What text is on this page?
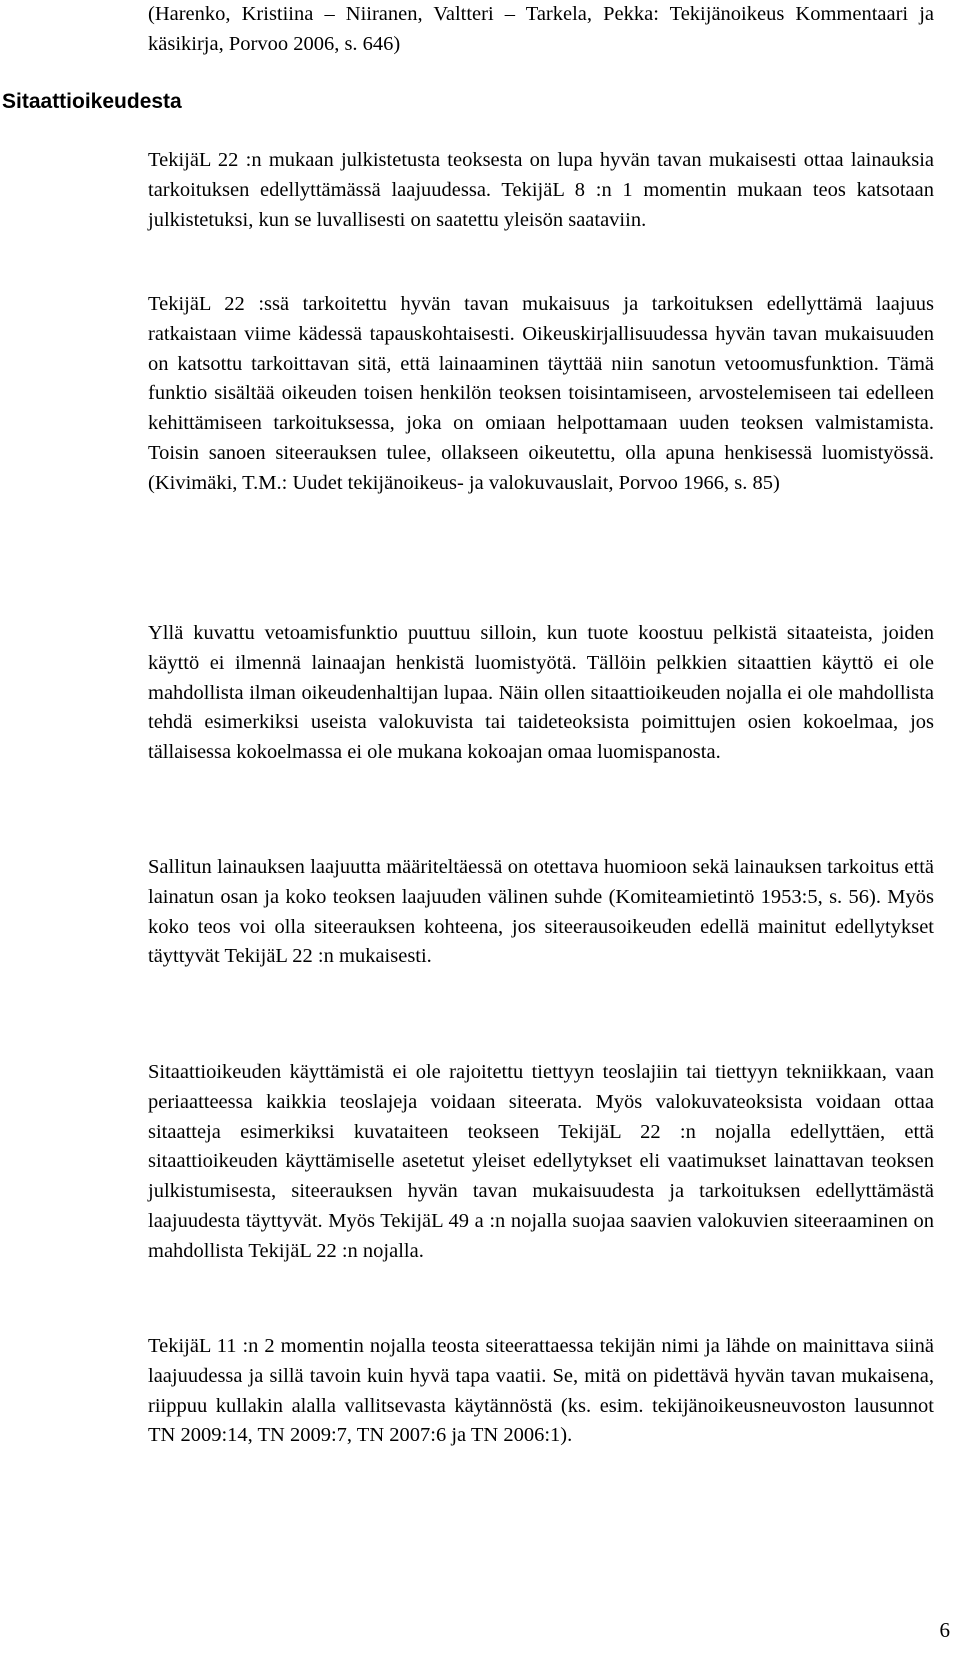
(Harenko, Kristiina – Niiranen, Valtteri – Tarkela, Pekka: Tekijänoikeus Kommentaari ja käsikirja, Porvoo 2006, s. 646)

Sitaattioikeudesta

TekijäL 22 :n mukaan julkistetusta teoksesta on lupa hyvän tavan mukaisesti ottaa lainauksia tarkoituksen edellyttämässä laajuudessa. TekijäL 8 :n 1 momentin mukaan teos katsotaan julkistetuksi, kun se luvallisesti on saatettu yleisön saataviin.

TekijäL 22 :ssä tarkoitettu hyvän tavan mukaisuus ja tarkoituksen edellyttämä laajuus ratkaistaan viime kädessä tapauskohtaisesti. Oikeuskirjallisuudessa hyvän tavan mukaisuuden on katsottu tarkoittavan sitä, että lainaaminen täyttää niin sanotun vetoomusfunktion. Tämä funktio sisältää oikeuden toisen henkilön teoksen toisintamiseen, arvostelemiseen tai edelleen kehittämiseen tarkoituksessa, joka on omiaan helpottamaan uuden teoksen valmistamista. Toisin sanoen siteerauksen tulee, ollakseen oikeutettu, olla apuna henkisessä luomistyössä. (Kivimäki, T.M.: Uudet tekijänoikeus- ja valokuvauslait, Porvoo 1966, s. 85)

Yllä kuvattu vetoamisfunktio puuttuu silloin, kun tuote koostuu pelkistä sitaateista, joiden käyttö ei ilmennä lainaajan henkistä luomistyötä. Tällöin pelkkien sitaattien käyttö ei ole mahdollista ilman oikeudenhaltijan lupaa. Näin ollen sitaattioikeuden nojalla ei ole mahdollista tehdä esimerkiksi useista valokuvista tai taideteoksista poimittujen osien kokoelmaa, jos tällaisessa kokoelmassa ei ole mukana kokoajan omaa luomispanosta.

Sallitun lainauksen laajuutta määriteltäessä on otettava huomioon sekä lainauksen tarkoitus että lainatun osan ja koko teoksen laajuuden välinen suhde (Komiteamietintö 1953:5, s. 56). Myös koko teos voi olla siteerauksen kohteena, jos siteerausoikeuden edellä mainitut edellytykset täyttyvät TekijäL 22 :n mukaisesti.

Sitaattioikeuden käyttämistä ei ole rajoitettu tiettyyn teoslajiin tai tiettyyn tekniikkaan, vaan periaatteessa kaikkia teoslajeja voidaan siteerata. Myös valokuvateoksista voidaan ottaa sitaatteja esimerkiksi kuvataiteen teokseen TekijäL 22 :n nojalla edellyttäen, että sitaattioikeuden käyttämiselle asetetut yleiset edellytykset eli vaatimukset lainattavan teoksen julkistumisesta, siteerauksen hyvän tavan mukaisuudesta ja tarkoituksen edellyttämästä laajuudesta täyttyvät. Myös TekijäL 49 a :n nojalla suojaa saavien valokuvien siteeraaminen on mahdollista TekijäL 22 :n nojalla.

TekijäL 11 :n 2 momentin nojalla teosta siteerattaessa tekijän nimi ja lähde on mainittava siinä laajuudessa ja sillä tavoin kuin hyvä tapa vaatii. Se, mitä on pidettävä hyvän tavan mukaisena, riippuu kullakin alalla vallitsevasta käytännöstä (ks. esim. tekijänoikeusneuvoston lausunnot TN 2009:14, TN 2009:7, TN 2007:6 ja TN 2006:1).

6
